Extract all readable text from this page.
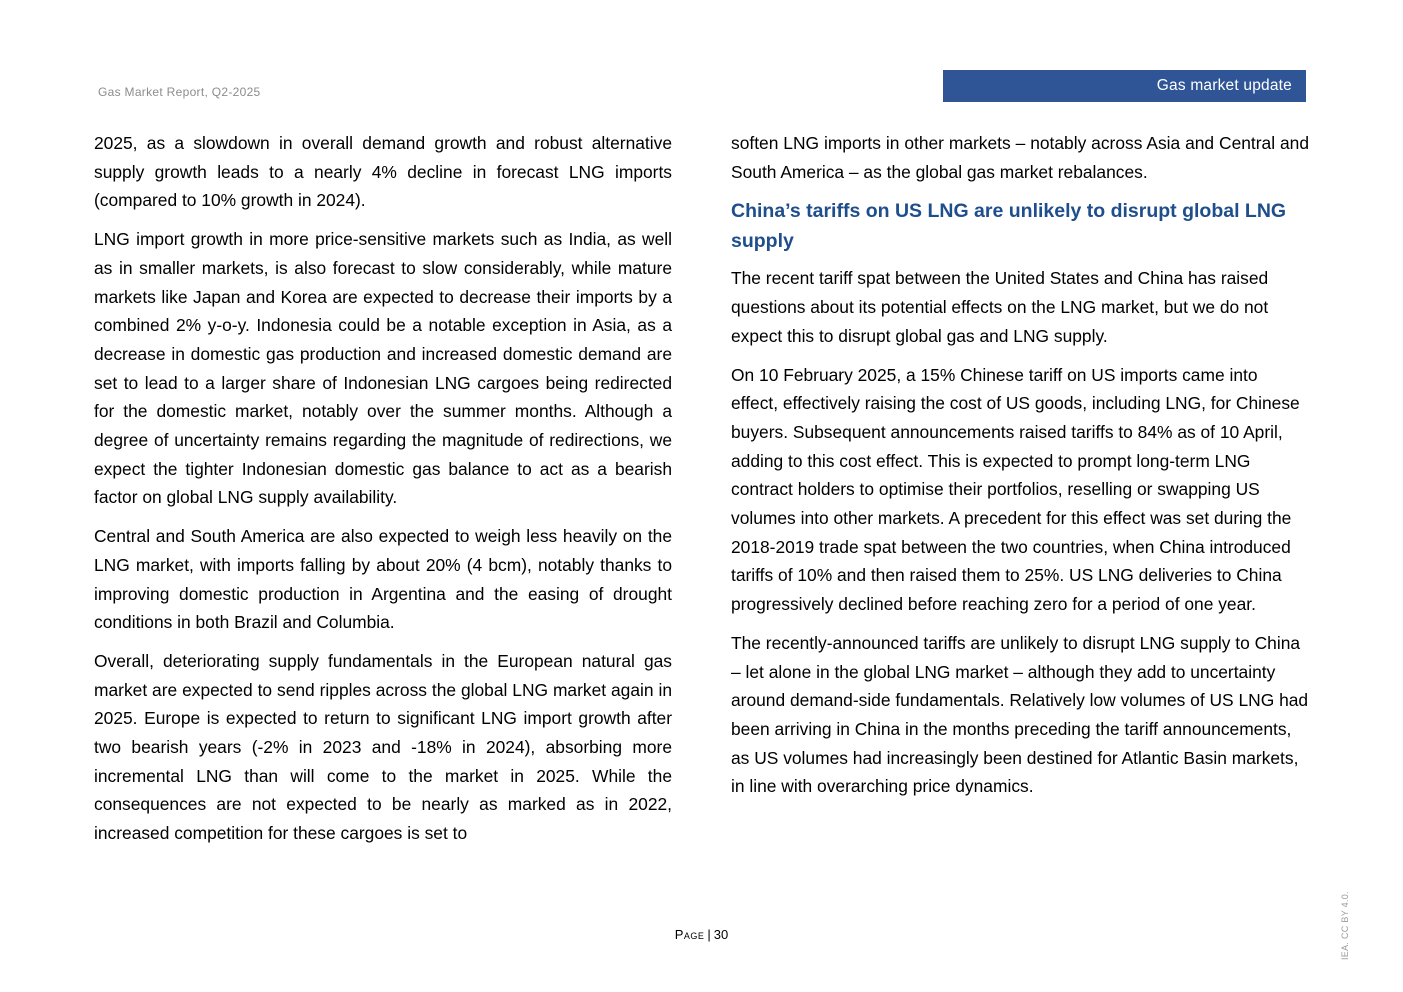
Gas Market Report, Q2-2025	Gas market update

2025, as a slowdown in overall demand growth and robust alternative supply growth leads to a nearly 4% decline in forecast LNG imports (compared to 10% growth in 2024).

LNG import growth in more price-sensitive markets such as India, as well as in smaller markets, is also forecast to slow considerably, while mature markets like Japan and Korea are expected to decrease their imports by a combined 2% y-o-y. Indonesia could be a notable exception in Asia, as a decrease in domestic gas production and increased domestic demand are set to lead to a larger share of Indonesian LNG cargoes being redirected for the domestic market, notably over the summer months. Although a degree of uncertainty remains regarding the magnitude of redirections, we expect the tighter Indonesian domestic gas balance to act as a bearish factor on global LNG supply availability.

Central and South America are also expected to weigh less heavily on the LNG market, with imports falling by about 20% (4 bcm), notably thanks to improving domestic production in Argentina and the easing of drought conditions in both Brazil and Columbia.

Overall, deteriorating supply fundamentals in the European natural gas market are expected to send ripples across the global LNG market again in 2025. Europe is expected to return to significant LNG import growth after two bearish years (-2% in 2023 and -18% in 2024), absorbing more incremental LNG than will come to the market in 2025. While the consequences are not expected to be nearly as marked as in 2022, increased competition for these cargoes is set to

soften LNG imports in other markets – notably across Asia and Central and South America – as the global gas market rebalances.

China’s tariffs on US LNG are unlikely to disrupt global LNG supply

The recent tariff spat between the United States and China has raised questions about its potential effects on the LNG market, but we do not expect this to disrupt global gas and LNG supply.

On 10 February 2025, a 15% Chinese tariff on US imports came into effect, effectively raising the cost of US goods, including LNG, for Chinese buyers. Subsequent announcements raised tariffs to 84% as of 10 April, adding to this cost effect. This is expected to prompt long-term LNG contract holders to optimise their portfolios, reselling or swapping US volumes into other markets. A precedent for this effect was set during the 2018-2019 trade spat between the two countries, when China introduced tariffs of 10% and then raised them to 25%. US LNG deliveries to China progressively declined before reaching zero for a period of one year.

The recently-announced tariffs are unlikely to disrupt LNG supply to China – let alone in the global LNG market – although they add to uncertainty around demand-side fundamentals. Relatively low volumes of US LNG had been arriving in China in the months preceding the tariff announcements, as US volumes had increasingly been destined for Atlantic Basin markets, in line with overarching price dynamics.

Page | 30	IEA. CC BY 4.0.
